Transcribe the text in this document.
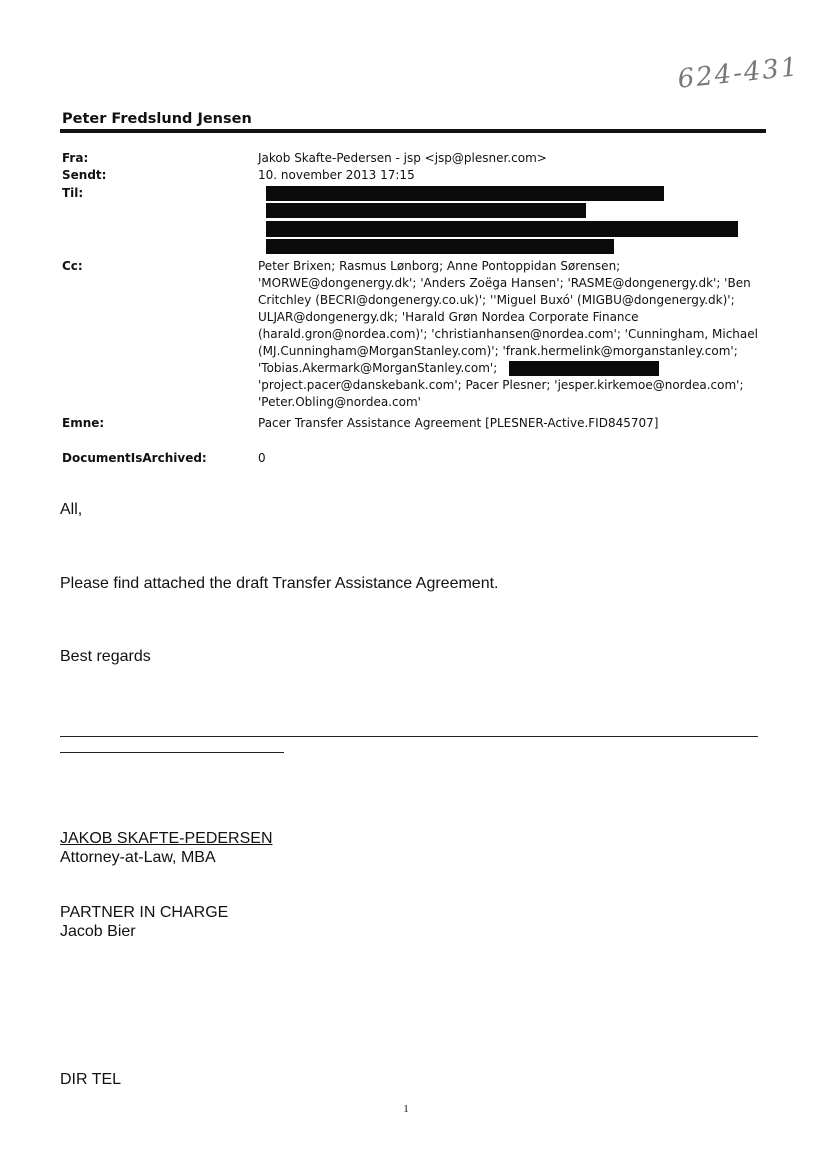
624-431
Peter Fredslund Jensen
Fra:	Jakob Skafte-Pedersen - jsp <jsp@plesner.com>
Sendt:	10. november 2013 17:15
Til:
Cc:	Peter Brixen; Rasmus Lønborg; Anne Pontoppidan Sørensen;
'MORWE@dongenergy.dk'; 'Anders Zoëga Hansen'; 'RASME@dongenergy.dk'; 'Ben
Critchley (BECRI@dongenergy.co.uk)'; ''Miguel Buxó' (MIGBU@dongenergy.dk)';
ULJAR@dongenergy.dk; 'Harald Grøn Nordea Corporate Finance
(harald.gron@nordea.com)'; 'christianhansen@nordea.com'; 'Cunningham, Michael
(MJ.Cunningham@MorganStanley.com)'; 'frank.hermelink@morganstanley.com';
'Tobias.Akermark@MorganStanley.com';
'project.pacer@danskebank.com'; Pacer Plesner; 'jesper.kirkemoe@nordea.com';
'Peter.Obling@nordea.com'
Emne:	Pacer Transfer Assistance Agreement [PLESNER-Active.FID845707]
DocumentIsArchived:	0
All,
Please find attached the draft Transfer Assistance Agreement.
Best regards
JAKOB SKAFTE-PEDERSEN
Attorney-at-Law, MBA
PARTNER IN CHARGE
Jacob Bier
DIR TEL
1
